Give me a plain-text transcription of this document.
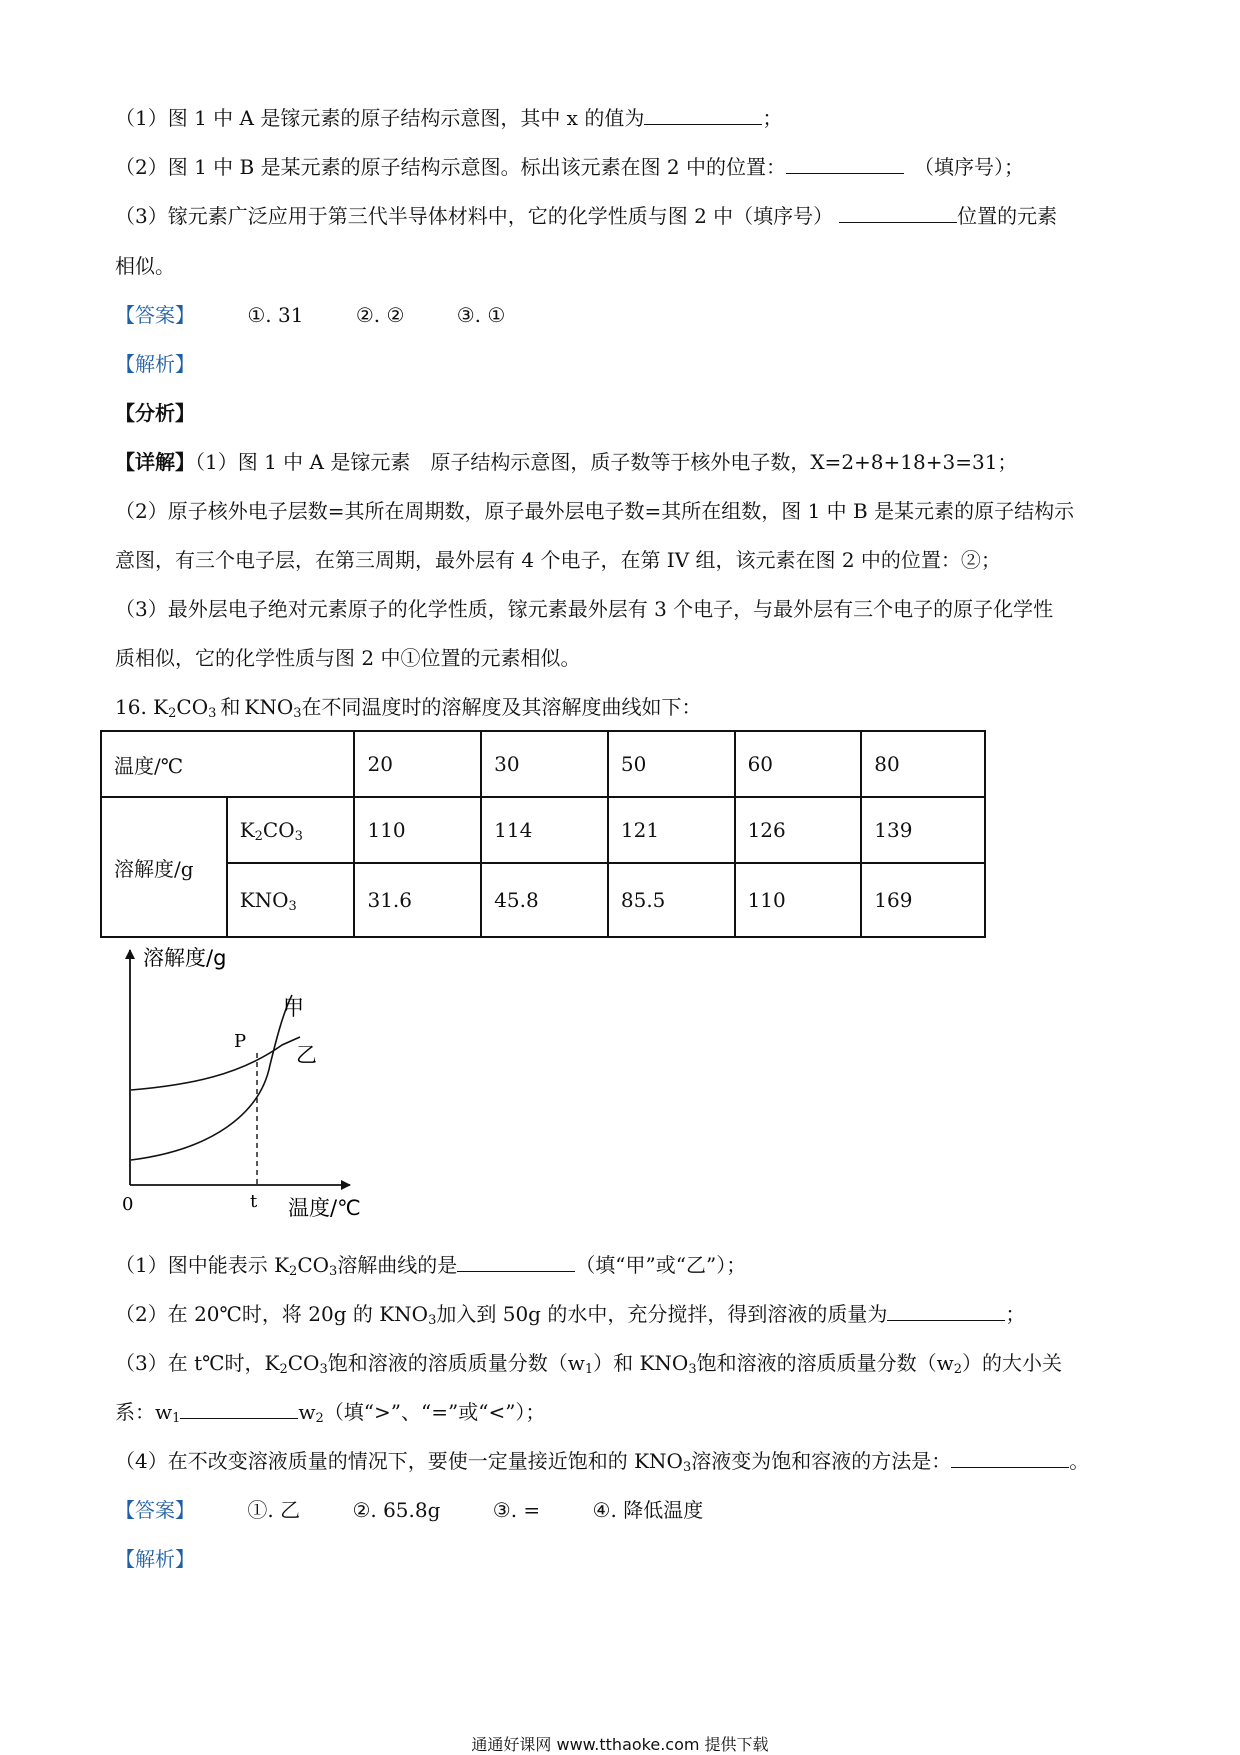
（1）图 1 中 A 是镓元素的原子结构示意图，其中 x 的值为	；
（2）图 1 中 B 是某元素的原子结构示意图。标出该元素在图 2 中的位置：	（填序号）；
（3）镓元素广泛应用于第三代半导体材料中，它的化学性质与图 2 中（填序号）	位置的元素
相似。
【答案】	①. 31	②. ②	③. ①
【解析】
【分析】
【详解】（1）图 1 中 A 是镓元素　原子结构示意图，质子数等于核外电子数，X=2+8+18+3=31；
（2）原子核外电子层数=其所在周期数，原子最外层电子数=其所在组数，图 1 中 B 是某元素的原子结构示
意图，有三个电子层，在第三周期，最外层有 4 个电子，在第 IV 组，该元素在图 2 中的位置：②；
（3）最外层电子绝对元素原子的化学性质，镓元素最外层有 3 个电子，与最外层有三个电子的原子化学性
质相似，它的化学性质与图 2 中①位置的元素相似。
16. $K_2CO_3$ 和 $KNO_3$在不同温度时的溶解度及其溶解度曲线如下：
温度/℃		20	30	50	60	80
溶解度/g	$K_2CO_3$	110	114	121	126	139
	$KNO_3$	31.6	45.8	85.5	110	169
溶解度/g
温度/℃
0	t
P
甲
乙
（1）图中能表示 $K_2CO_3$溶解曲线的是	（填“甲”或“乙”）；
（2）在 20℃时，将 20g 的 $KNO_3$加入到 50g 的水中，充分搅拌，得到溶液的质量为	；
（3）在 t℃时，$K_2CO_3$饱和溶液的溶质质量分数$(w_1)$和 $KNO_3$饱和溶液的溶质质量分数$(w_2)$的大小关
系：$w_1$	$w_2$（填“>”、“=”或“<”）；
（4）在不改变溶液质量的情况下，要使一定量接近饱和的 $KNO_3$溶液变为饱和容液的方法是：	。
【答案】	①. 乙	②. 65.8g	③. =	④. 降低温度
【解析】
通通好课网 www.tthaoke.com 提供下载
